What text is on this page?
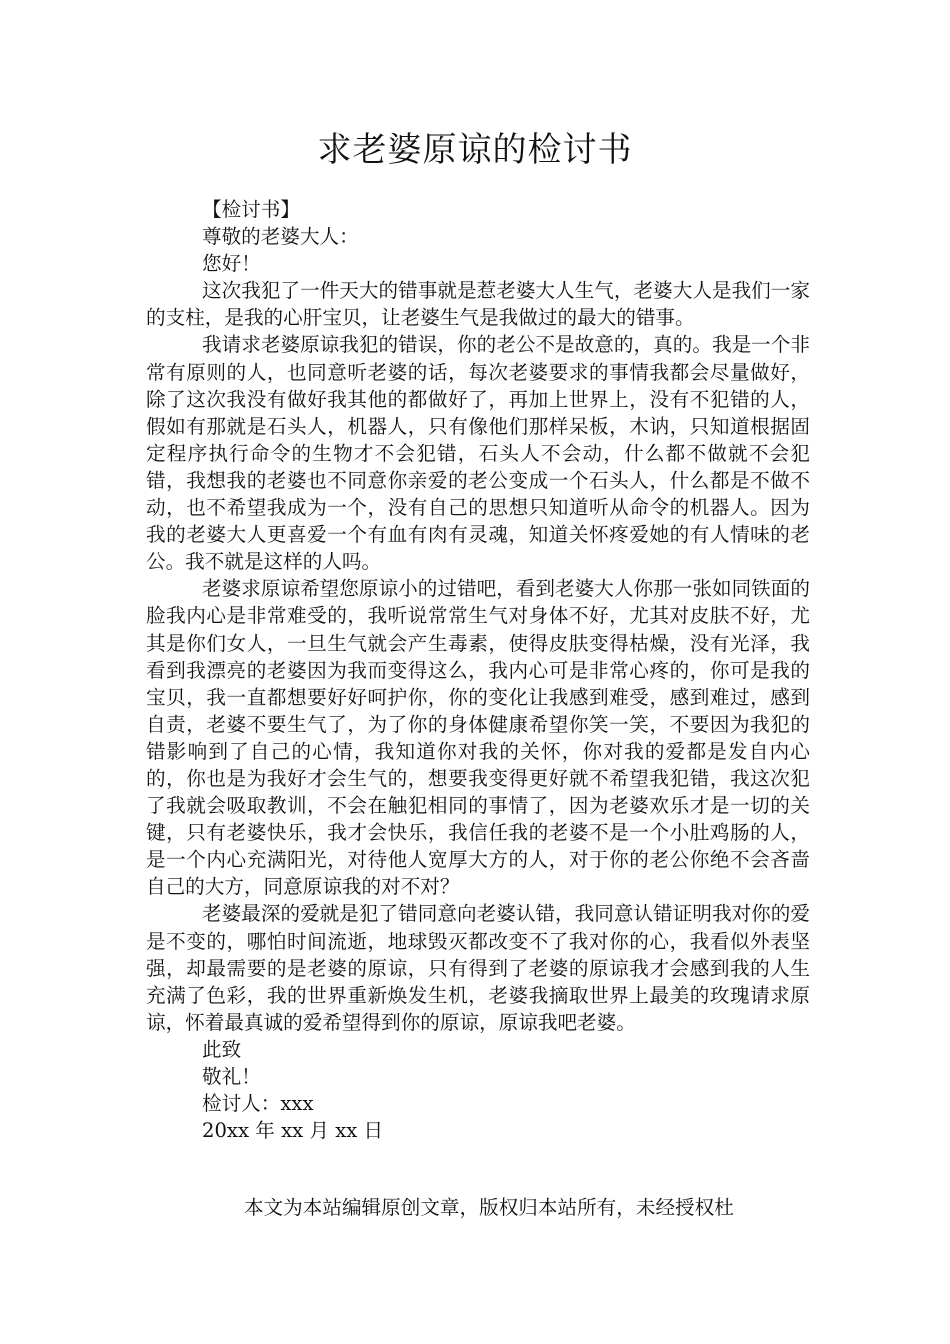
求老婆原谅的检讨书
【检讨书】
尊敬的老婆大人：
您好！

这次我犯了一件天大的错事就是惹老婆大人生气，老婆大人是我们一家的支柱，是我的心肝宝贝，让老婆生气是我做过的最大的错事。

我请求老婆原谅我犯的错误，你的老公不是故意的，真的。我是一个非常有原则的人，也同意听老婆的话，每次老婆要求的事情我都会尽量做好，除了这次我没有做好我其他的都做好了，再加上世界上，没有不犯错的人，假如有那就是石头人，机器人，只有像他们那样呆板，木讷，只知道根据固定程序执行命令的生物才不会犯错，石头人不会动，什么都不做就不会犯错，我想我的老婆也不同意你亲爱的老公变成一个石头人，什么都是不做不动，也不希望我成为一个，没有自己的思想只知道听从命令的机器人。因为我的老婆大人更喜爱一个有血有肉有灵魂，知道关怀疼爱她的有人情味的老公。我不就是这样的人吗。

老婆求原谅希望您原谅小的过错吧，看到老婆大人你那一张如同铁面的脸我内心是非常难受的，我听说常常生气对身体不好，尤其对皮肤不好，尤其是你们女人，一旦生气就会产生毒素，使得皮肤变得枯燥，没有光泽，我看到我漂亮的老婆因为我而变得这么，我内心可是非常心疼的，你可是我的宝贝，我一直都想要好好呵护你，你的变化让我感到难受，感到难过，感到自责，老婆不要生气了，为了你的身体健康希望你笑一笑，不要因为我犯的错影响到了自己的心情，我知道你对我的关怀，你对我的爱都是发自内心的，你也是为我好才会生气的，想要我变得更好就不希望我犯错，我这次犯了我就会吸取教训，不会在触犯相同的事情了，因为老婆欢乐才是一切的关键，只有老婆快乐，我才会快乐，我信任我的老婆不是一个小肚鸡肠的人，是一个内心充满阳光，对待他人宽厚大方的人，对于你的老公你绝不会吝啬自己的大方，同意原谅我的对不对？

老婆最深的爱就是犯了错同意向老婆认错，我同意认错证明我对你的爱是不变的，哪怕时间流逝，地球毁灭都改变不了我对你的心，我看似外表坚强，却最需要的是老婆的原谅，只有得到了老婆的原谅我才会感到我的人生充满了色彩，我的世界重新焕发生机，老婆我摘取世界上最美的玫瑰请求原谅，怀着最真诚的爱希望得到你的原谅，原谅我吧老婆。

此致
敬礼！
检讨人：xxx
20xx 年 xx 月 xx 日
本文为本站编辑原创文章，版权归本站所有，未经授权杜
